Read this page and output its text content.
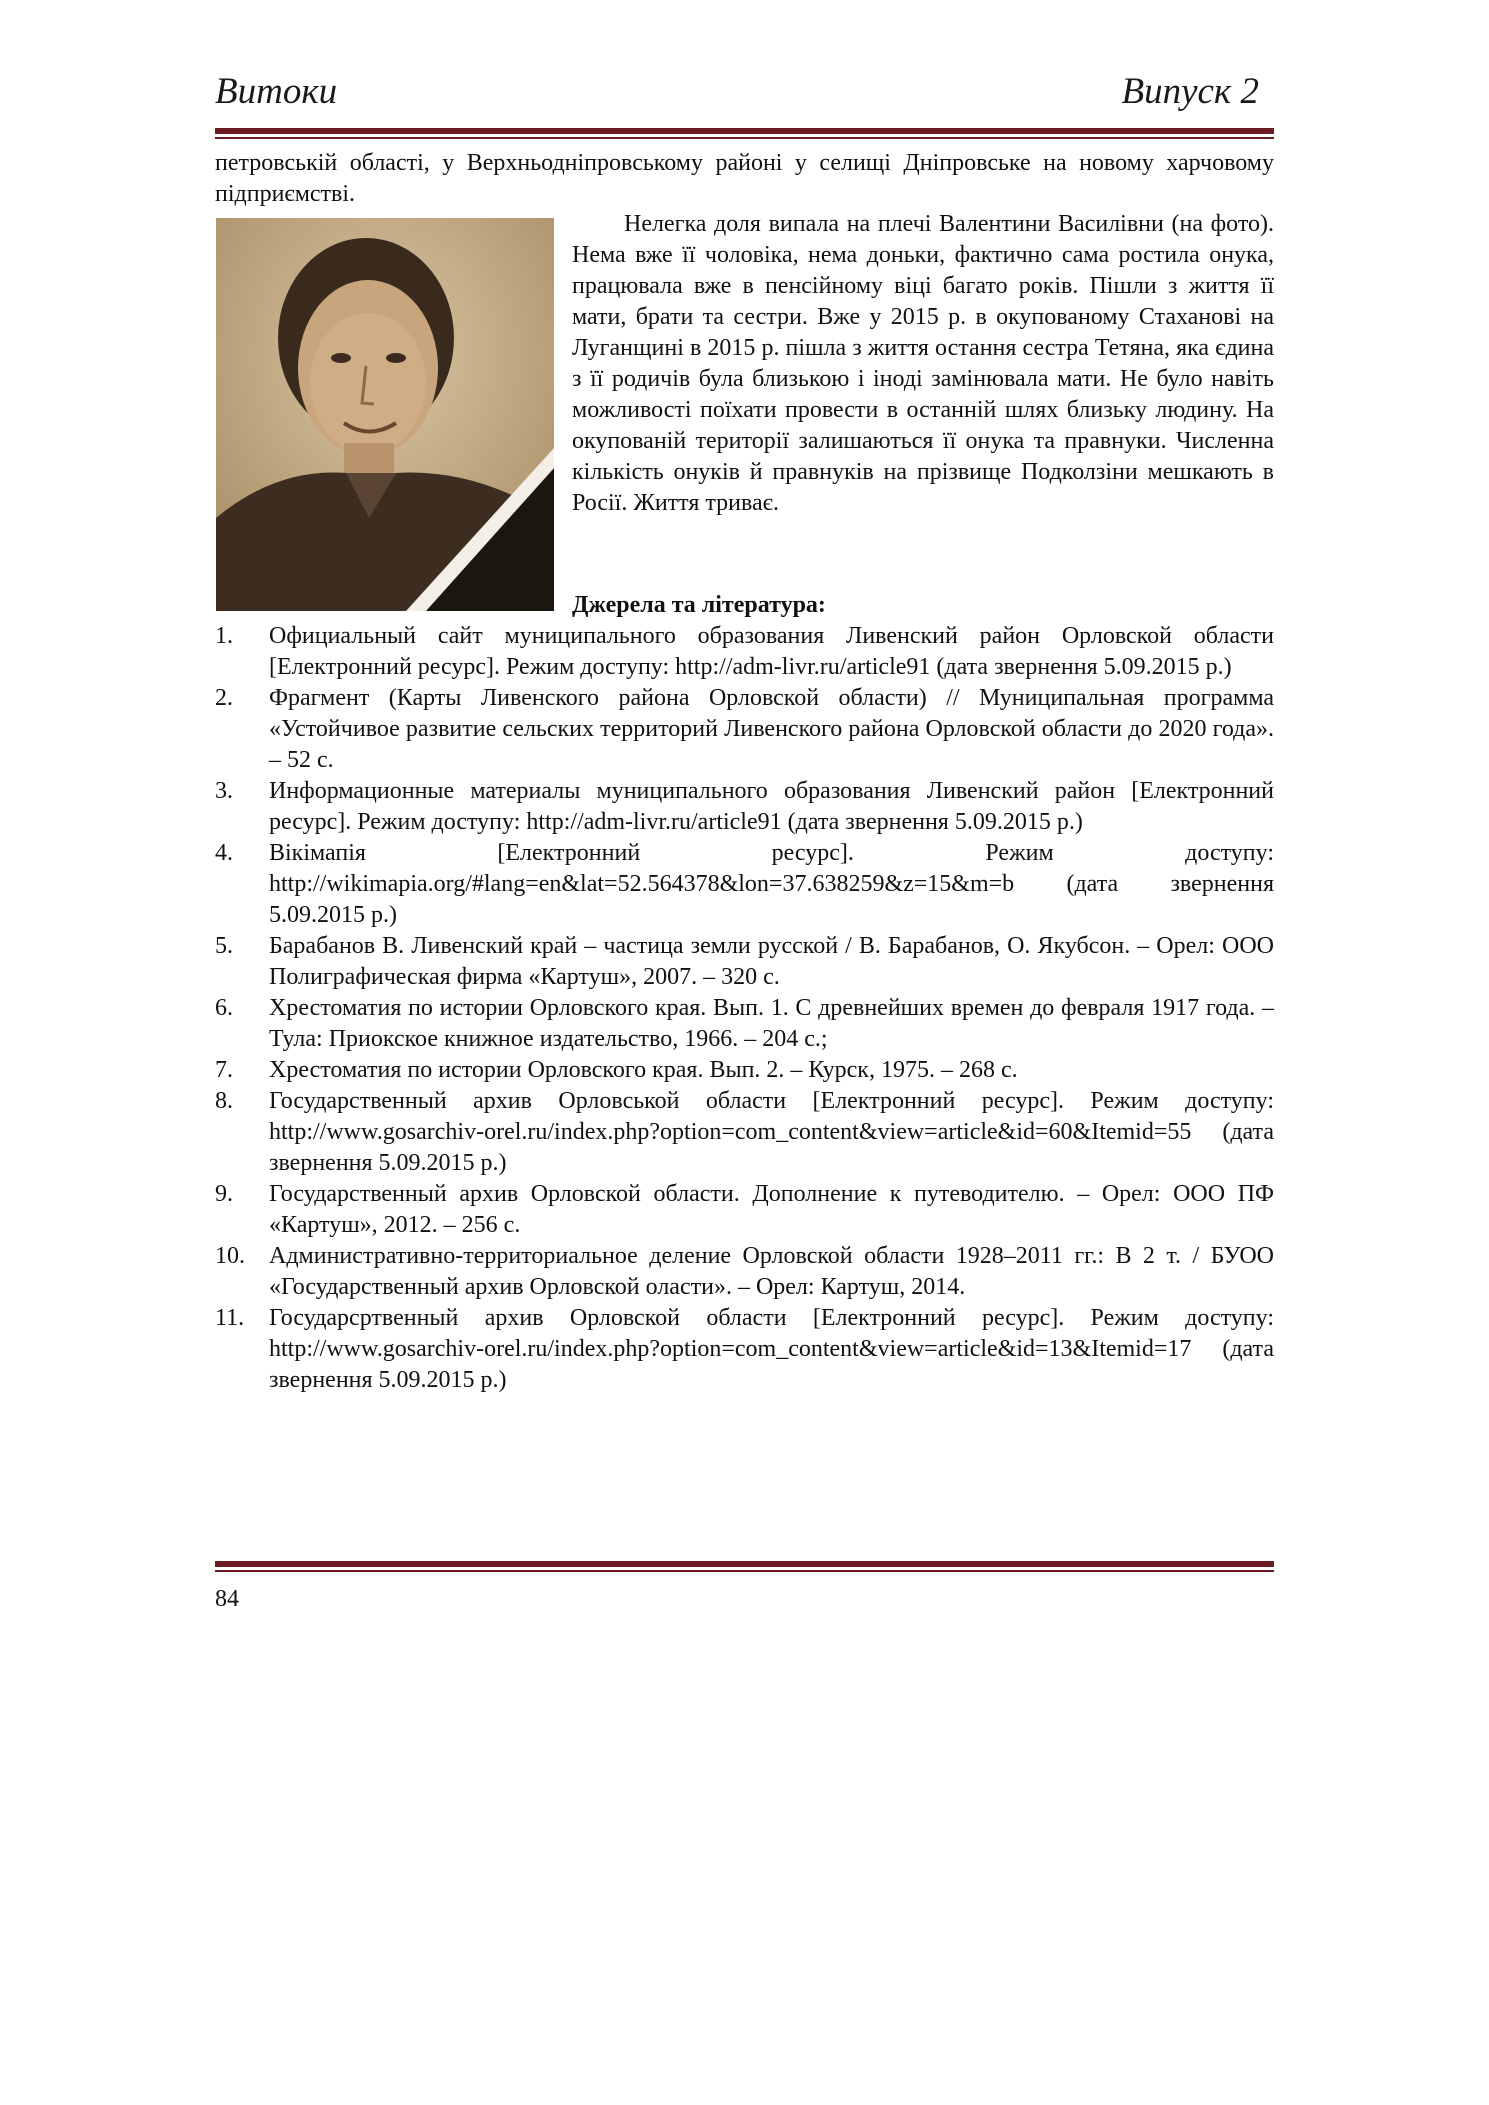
Витоки	Випуск 2
петровській області, у Верхньодніпровському районі у селищі Дніпровське на новому харчовому підприємстві.
Нелегка доля випала на плечі Валентини Василівни (на фото). Нема вже її чоловіка, нема доньки, фактично сама ростила онука, працювала вже в пенсійному віці багато років. Пішли з життя її мати, брати та сестри. Вже у 2015 р. в окупованому Стаханові на Луганщині в 2015 р. пішла з життя остання сестра Тетяна, яка єдина з її родичів була близькою і іноді замінювала мати. Не було навіть можливості поїхати провести в останній шлях близьку людину. На окупованій території залишаються її онука та правнуки. Численна кількість онуків й правнуків на прізвище Подколзіни мешкають в Росії. Життя триває.
Джерела та література:
1.	Официальный сайт муниципального образования Ливенский район Орловской области [Електронний ресурс]. Режим доступу: http://adm-livr.ru/article91 (дата звернення 5.09.2015 р.)
2.	Фрагмент (Карты Ливенского района Орловской области) // Муниципальная программа «Устойчивое развитие сельских территорий Ливенского района Орловской области до 2020 года». – 52 с.
3.	Информационные материалы муниципального образования Ливенский район [Електронний ресурс]. Режим доступу: http://adm-livr.ru/article91 (дата звернення 5.09.2015 р.)
4.	Вікімапія [Електронний ресурс]. Режим доступу: http://wikimapia.org/#lang=en&lat=52.564378&lon=37.638259&z=15&m=b (дата звернення 5.09.2015 р.)
5.	Барабанов В. Ливенский край – частица земли русской / В. Барабанов, О. Якубсон. – Орел: ООО Полиграфическая фирма «Картуш», 2007. – 320 с.
6.	Хрестоматия по истории Орловского края. Вып. 1. С древнейших времен до февраля 1917 года. – Тула: Приокское книжное издательство, 1966. – 204 с.;
7.	Хрестоматия по истории Орловского края. Вып. 2. – Курск, 1975. – 268 с.
8.	Государственный архив Орловськой области [Електронний ресурс]. Режим доступу: http://www.gosarchiv-orel.ru/index.php?option=com_content&view=article&id=60&Itemid=55 (дата звернення 5.09.2015 р.)
9.	Государственный архив Орловской области. Дополнение к путеводителю. – Орел: ООО ПФ «Картуш», 2012. – 256 с.
10.	Административно-территориальное деление Орловской области 1928–2011 гг.: В 2 т. / БУОО «Государственный архив Орловской оласти». – Орел: Картуш, 2014.
11.	Государсртвенный архив Орловской области [Електронний ресурс]. Режим доступу: http://www.gosarchiv-orel.ru/index.php?option=com_content&view=article&id=13&Itemid=17 (дата звернення 5.09.2015 р.)
84
